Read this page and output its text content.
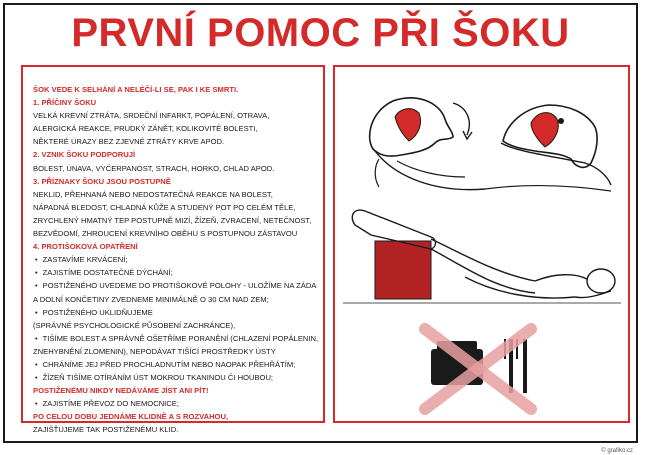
PRVNÍ POMOC PŘI ŠOKU
ŠOK VEDE K SELHÁNÍ A NELÉČÍ-LI SE, PAK I KE SMRTI.
1. PŘÍČINY ŠOKU
VELKÁ KREVNÍ ZTRÁTA, SRDEČNÍ INFARKT, POPÁLENÍ, OTRAVA,
ALERGICKÁ REAKCE, PRUDKÝ ZÁNĚT, KOLIKOVITÉ BOLESTI,
NĚKTERÉ ÚRAZY BEZ ZJEVNÉ ZTRÁTY KRVE APOD.
2. VZNIK ŠOKU PODPORUJÍ
BOLEST, ÚNAVA, VYČERPANOST, STRACH, HORKO, CHLAD APOD.
3. PŘÍZNAKY ŠOKU JSOU POSTUPNĚ
NEKLID, PŘEHNANÁ NEBO NEDOSTATEČNÁ REAKCE NA BOLEST,
NÁPADNÁ BLEDOST, CHLADNÁ KŮŽE A STUDENÝ POT PO CELÉM TĚLE,
ZRYCHLENÝ HMATNÝ TEP POSTUPNĚ MIZÍ, ŽÍZEŇ, ZVRACENÍ, NETEČNOST,
BEZVĚDOMÍ, ZHROUCENÍ KREVNÍHO OBĚHU S POSTUPNOU ZÁSTAVOU
4. PROTIŠOKOVÁ OPATŘENÍ
• ZASTAVÍME KRVÁCENÍ;
• ZAJISTÍME DOSTATEČNÉ DÝCHÁNÍ;
• POSTIŽENÉHO UVEDEME DO PROTIŠOKOVÉ POLOHY - ULOŽÍME NA ZÁDA
A DOLNÍ KONČETINY ZVEDNEME MINIMÁLNĚ O 30 CM NAD ZEM;
• POSTIŽENÉHO UKLIDŇUJEME
(SPRÁVNÉ PSYCHOLOGICKÉ PŮSOBENÍ ZACHRÁNCE),
• TIŠÍME BOLEST A SPRÁVNĚ OŠETŘÍME PORANĚNÍ (CHLAZENÍ POPÁLENIN,
ZNEHYBNĚNÍ ZLOMENIN), NEPODÁVAT TIŠÍCÍ PROSTŘEDKY ÚSTY
• CHRÁNÍME JEJ PŘED PROCHLADNUTÍM NEBO NAOPAK PŘEHŘÁTÍM;
• ŽÍZEŇ TIŠÍME OTÍRÁNÍM ÚST MOKROU TKANINOU ČI HOUBOU;
POSTIŽENÉMU NIKDY NEDÁVÁME JÍST ANI PÍT!
• ZAJISTÍME PŘEVOZ DO NEMOCNICE;
PO CELOU DOBU JEDNÁME KLIDNĚ A S ROZVAHOU,
ZAJIŠŤUJEME TAK POSTIŽENÉMU KLID.
© grafiko.cz
